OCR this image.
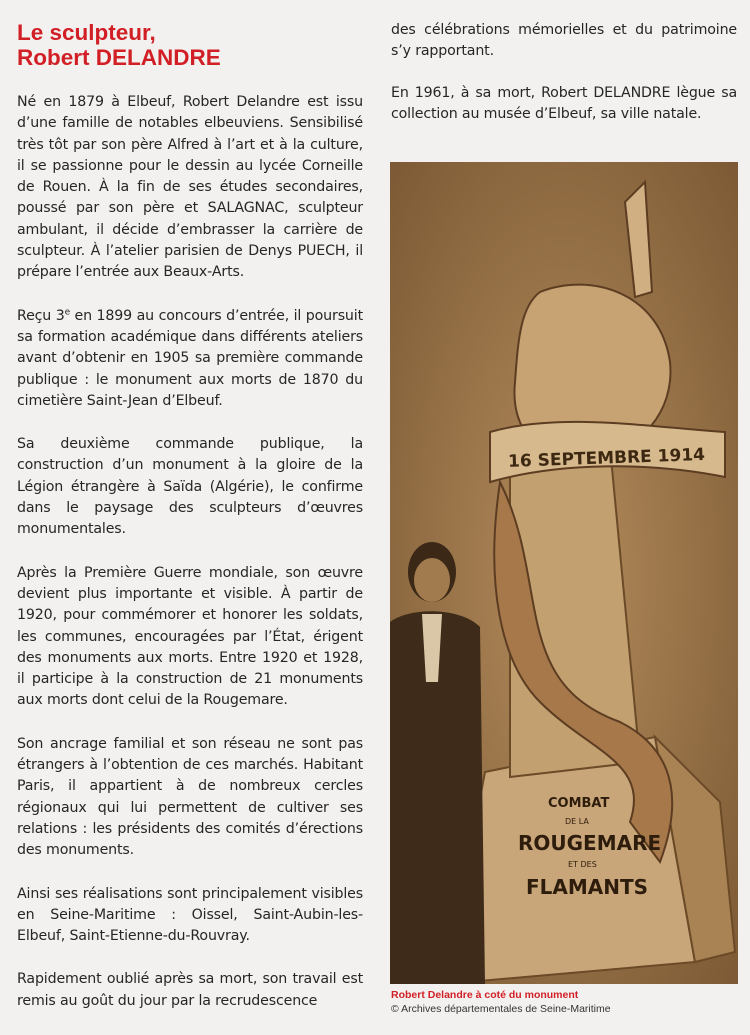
Le sculpteur,
Robert DELANDRE

Né en 1879 à Elbeuf, Robert Delandre est issu d’une famille de notables elbeuviens. Sensibilisé très tôt par son père Alfred à l’art et à la culture, il se passionne pour le dessin au lycée Corneille de Rouen. À la fin de ses études secondaires, poussé par son père et SALAGNAC, sculpteur ambulant, il décide d’embrasser la carrière de sculpteur. À l’atelier parisien de Denys PUECH, il prépare l’entrée aux Beaux-Arts.

Reçu 3e en 1899 au concours d’entrée, il poursuit sa formation académique dans différents ateliers avant d’obtenir en 1905 sa première commande publique : le monument aux morts de 1870 du cimetière Saint-Jean d’Elbeuf.

Sa deuxième commande publique, la construction d’un monument à la gloire de la Légion étrangère à Saïda (Algérie), le confirme dans le paysage des sculpteurs d’œuvres monumentales.

Après la Première Guerre mondiale, son œuvre devient plus importante et visible. À partir de 1920, pour commémorer et honorer les soldats, les communes, encouragées par l’État, érigent des monuments aux morts. Entre 1920 et 1928, il participe à la construction de 21 monuments aux morts dont celui de la Rougemare.

Son ancrage familial et son réseau ne sont pas étrangers à l’obtention de ces marchés. Habitant Paris, il appartient à de nombreux cercles régionaux qui lui permettent de cultiver ses relations : les présidents des comités d’érections des monuments.

Ainsi ses réalisations sont principalement visibles en Seine-Maritime : Oissel, Saint-Aubin-les-Elbeuf, Saint-Etienne-du-Rouvray.

Rapidement oublié après sa mort, son travail est remis au goût du jour par la recrudescence

des célébrations mémorielles et du patrimoine s’y rapportant.

En 1961, à sa mort, Robert DELANDRE lègue sa collection au musée d’Elbeuf, sa ville natale.

16 SEPTEMBRE 1914
COMBAT
DE LA
ROUGEMARE
ET DES
FLAMANTS
Robert Delandre à coté du monument
© Archives départementales de Seine-Maritime
